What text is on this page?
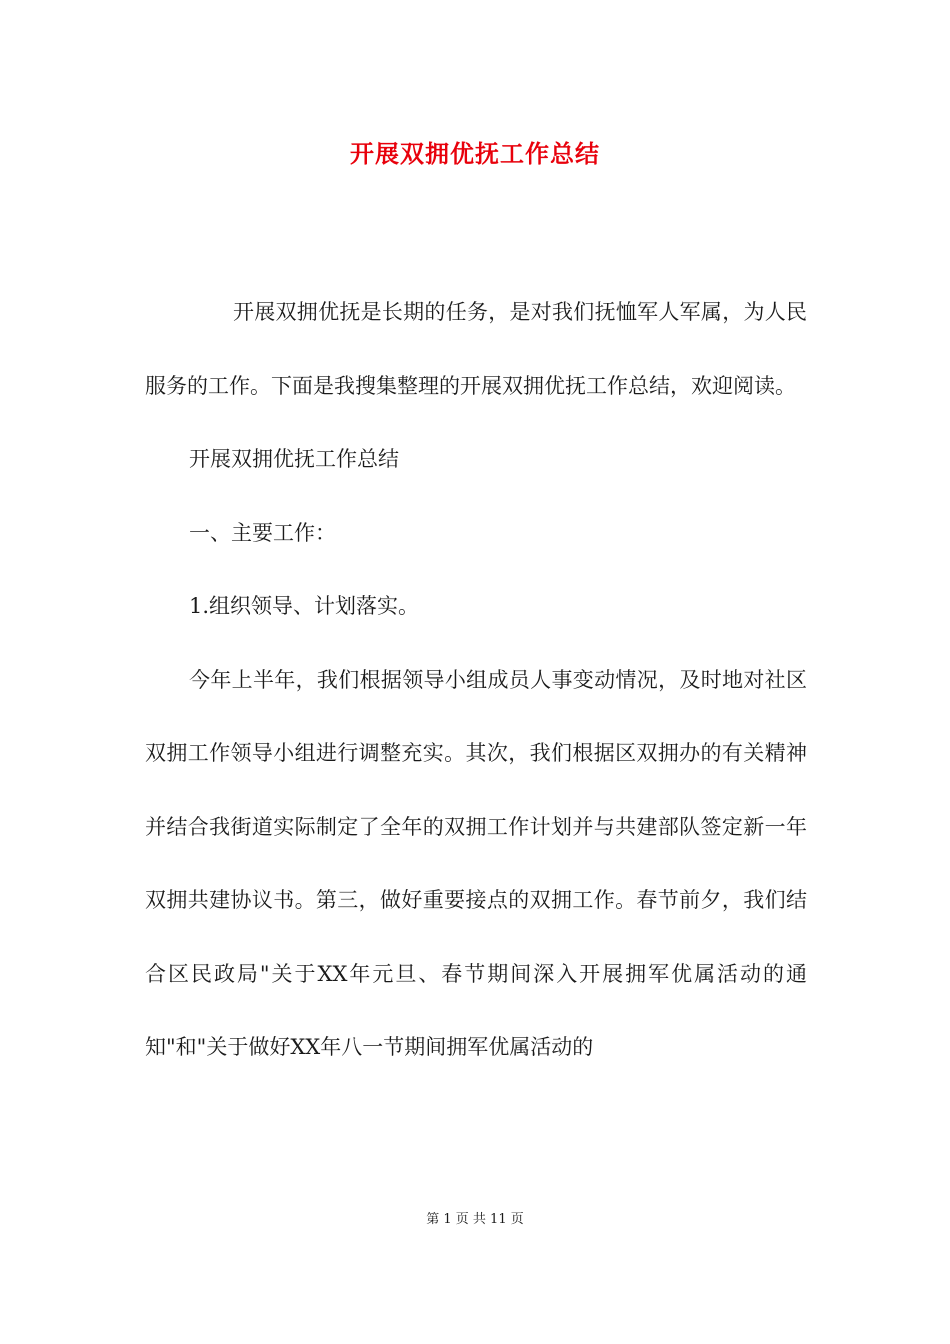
开展双拥优抚工作总结

开展双拥优抚是长期的任务，是对我们抚恤军人军属，为人民服务的工作。下面是我搜集整理的开展双拥优抚工作总结，欢迎阅读。

开展双拥优抚工作总结

一、主要工作：

1.组织领导、计划落实。

今年上半年，我们根据领导小组成员人事变动情况，及时地对社区双拥工作领导小组进行调整充实。其次，我们根据区双拥办的有关精神并结合我街道实际制定了全年的双拥工作计划并与共建部队签定新一年双拥共建协议书。第三，做好重要接点的双拥工作。春节前夕，我们结合区民政局"关于XX年元旦、春节期间深入开展拥军优属活动的通知"和"关于做好XX年八一节期间拥军优属活动的

第 1 页 共 11 页
